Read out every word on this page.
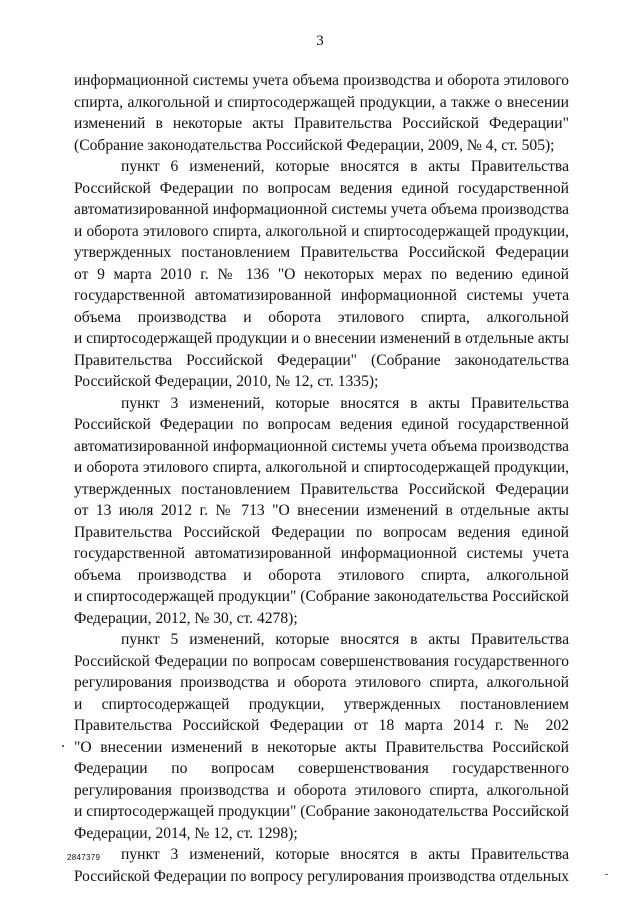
3
информационной системы учета объема производства и оборота этилового
спирта, алкогольной и спиртосодержащей продукции, а также о внесении
изменений в некоторые акты Правительства Российской Федерации"
(Собрание законодательства Российской Федерации, 2009, № 4, ст. 505);
пункт 6 изменений, которые вносятся в акты Правительства
Российской Федерации по вопросам ведения единой государственной
автоматизированной информационной системы учета объема производства
и оборота этилового спирта, алкогольной и спиртосодержащей продукции,
утвержденных постановлением Правительства Российской Федерации
от 9 марта 2010 г. № 136 "О некоторых мерах по ведению единой
государственной автоматизированной информационной системы учета
объема производства и оборота этилового спирта, алкогольной
и спиртосодержащей продукции и о внесении изменений в отдельные акты
Правительства Российской Федерации" (Собрание законодательства
Российской Федерации, 2010, № 12, ст. 1335);
пункт 3 изменений, которые вносятся в акты Правительства
Российской Федерации по вопросам ведения единой государственной
автоматизированной информационной системы учета объема производства
и оборота этилового спирта, алкогольной и спиртосодержащей продукции,
утвержденных постановлением Правительства Российской Федерации
от 13 июля 2012 г. № 713 "О внесении изменений в отдельные акты
Правительства Российской Федерации по вопросам ведения единой
государственной автоматизированной информационной системы учета
объема производства и оборота этилового спирта, алкогольной
и спиртосодержащей продукции" (Собрание законодательства Российской
Федерации, 2012, № 30, ст. 4278);
пункт 5 изменений, которые вносятся в акты Правительства
Российской Федерации по вопросам совершенствования государственного
регулирования производства и оборота этилового спирта, алкогольной
и спиртосодержащей продукции, утвержденных постановлением
Правительства Российской Федерации от 18 марта 2014 г. № 202
"О внесении изменений в некоторые акты Правительства Российской
Федерации по вопросам совершенствования государственного
регулирования производства и оборота этилового спирта, алкогольной
и спиртосодержащей продукции" (Собрание законодательства Российской
Федерации, 2014, № 12, ст. 1298);
пункт 3 изменений, которые вносятся в акты Правительства
Российской Федерации по вопросу регулирования производства отдельных
2847379
